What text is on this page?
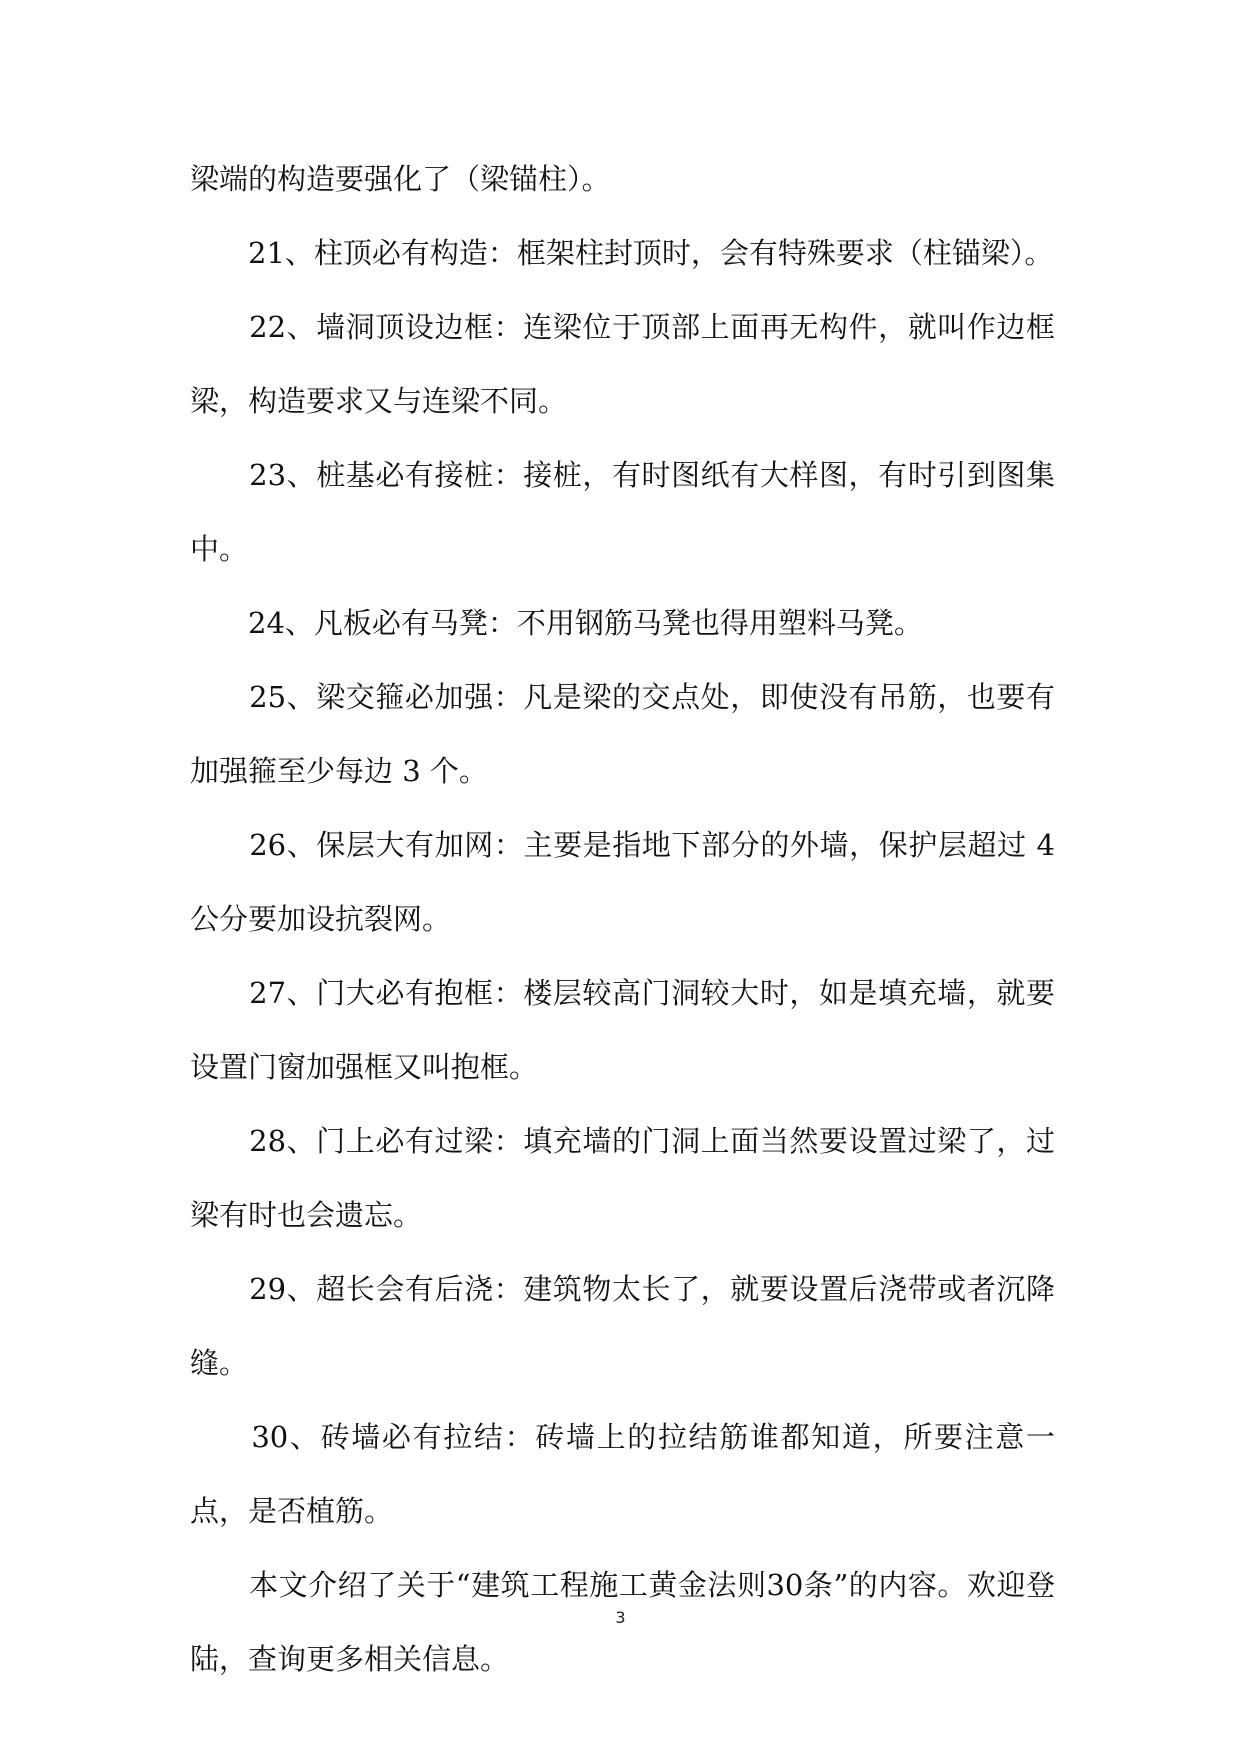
梁端的构造要强化了（梁锚柱）。

　　21、柱顶必有构造：框架柱封顶时，会有特殊要求（柱锚梁）。

　　22、墙洞顶设边框：连梁位于顶部上面再无构件，就叫作边框梁，构造要求又与连梁不同。

　　23、桩基必有接桩：接桩，有时图纸有大样图，有时引到图集中。

　　24、凡板必有马凳：不用钢筋马凳也得用塑料马凳。

　　25、梁交箍必加强：凡是梁的交点处，即使没有吊筋，也要有加强箍至少每边 3 个。

　　26、保层大有加网：主要是指地下部分的外墙，保护层超过 4 公分要加设抗裂网。

　　27、门大必有抱框：楼层较高门洞较大时，如是填充墙，就要设置门窗加强框又叫抱框。

　　28、门上必有过梁：填充墙的门洞上面当然要设置过梁了，过梁有时也会遗忘。

　　29、超长会有后浇：建筑物太长了，就要设置后浇带或者沉降缝。

　　30、砖墙必有拉结：砖墙上的拉结筋谁都知道，所要注意一点，是否植筋。

　　本文介绍了关于“建筑工程施工黄金法则30条”的内容。欢迎登陆，查询更多相关信息。

3
